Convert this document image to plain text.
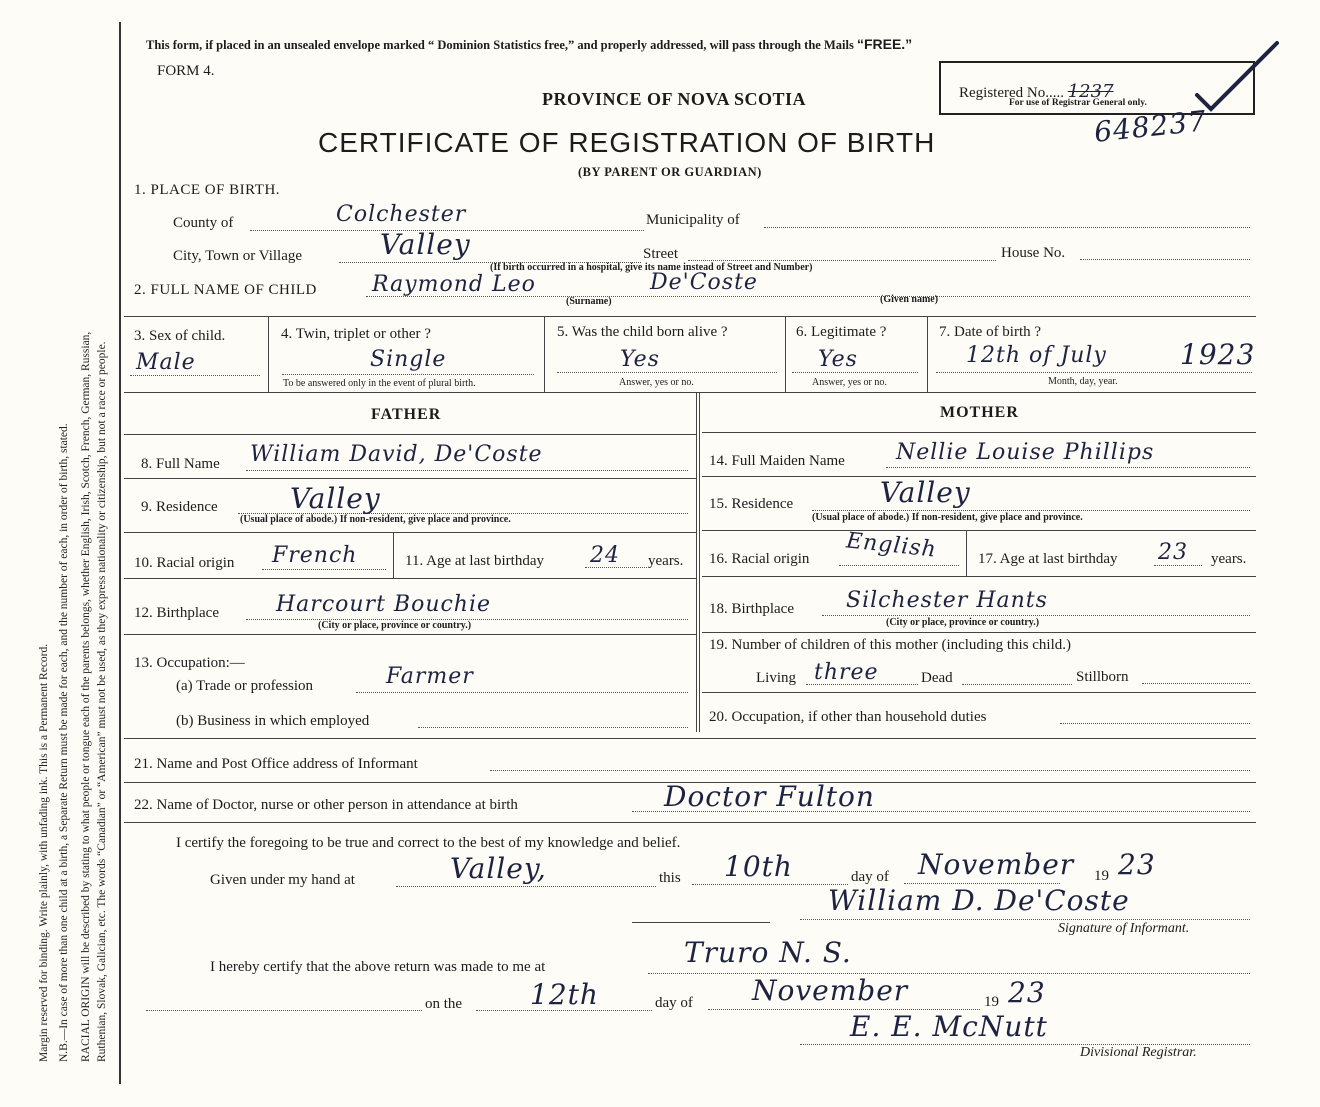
Margin reserved for binding. Write plainly, with unfading ink. This is a Permanent Record. N.B.—In case of more than one child at a birth, a Separate Return must be made for each, and the number of each, in order of birth, stated. RACIAL ORIGIN will be described by stating to what people or tongue each of the parents belongs, whether English, Irish, Scotch, French, German, Russian, Ruthenian, Slovak, Galician, etc. The words “Canadian” or “American” must not be used, as they express nationality or citizenship, but not a race or people.
This form, if placed in an unsealed envelope marked “ Dominion Statistics free,” and properly addressed, will pass through the Mails “FREE.”
FORM 4.
Registered No..... 1237
For use of Registrar General only.
PROVINCE OF NOVA SCOTIA
CERTIFICATE OF REGISTRATION OF BIRTH	648237
(BY PARENT OR GUARDIAN)
1. PLACE OF BIRTH.
County of	Colchester	Municipality of
City, Town or Village	Valley	Street	House No.
(If birth occurred in a hospital, give its name instead of Street and Number)
2. FULL NAME OF CHILD	Raymond Leo	De'Coste
(Surname)	(Given name)
3. Sex of child.
Male
4. Twin, triplet or other ?
Single
To be answered only in the event of plural birth.
5. Was the child born alive ?
Yes
Answer, yes or no.
6. Legitimate ?
Yes
Answer, yes or no.
7. Date of birth ?
12th of July	1923
Month, day, year.
FATHER	MOTHER
8. Full Name William David, De'Coste	14. Full Maiden Name Nellie Louise Phillips
9. Residence	Valley
(Usual place of abode.) If non-resident, give place and province.
15. Residence	Valley
(Usual place of abode.) If non-resident, give place and province.
10. Racial origin French	11. Age at last birthday 24 years. 16. Racial origin English	17. Age at last birthday 23 years.
12. Birthplace	Harcourt Bouchie
(City or place, province or country.)
18. Birthplace Silchester Hants
(City or place, province or country.)
13. Occupation:—
(a) Trade or profession	Farmer
(b) Business in which employed
19. Number of children of this mother (including this child.)
Living three	Dead	Stillborn
20. Occupation, if other than household duties
21. Name and Post Office address of Informant
22. Name of Doctor, nurse or other person in attendance at birth	Doctor Fulton
I certify the foregoing to be true and correct to the best of my knowledge and belief.
Given under my hand at	Valley,	this 10th	day of November 19 23
William D. De'Coste
Signature of Informant.
I hereby certify that the above return was made to me at	Truro N. S.
on the 12th	day of November	19 23
E. E. McNutt
Divisional Registrar.
